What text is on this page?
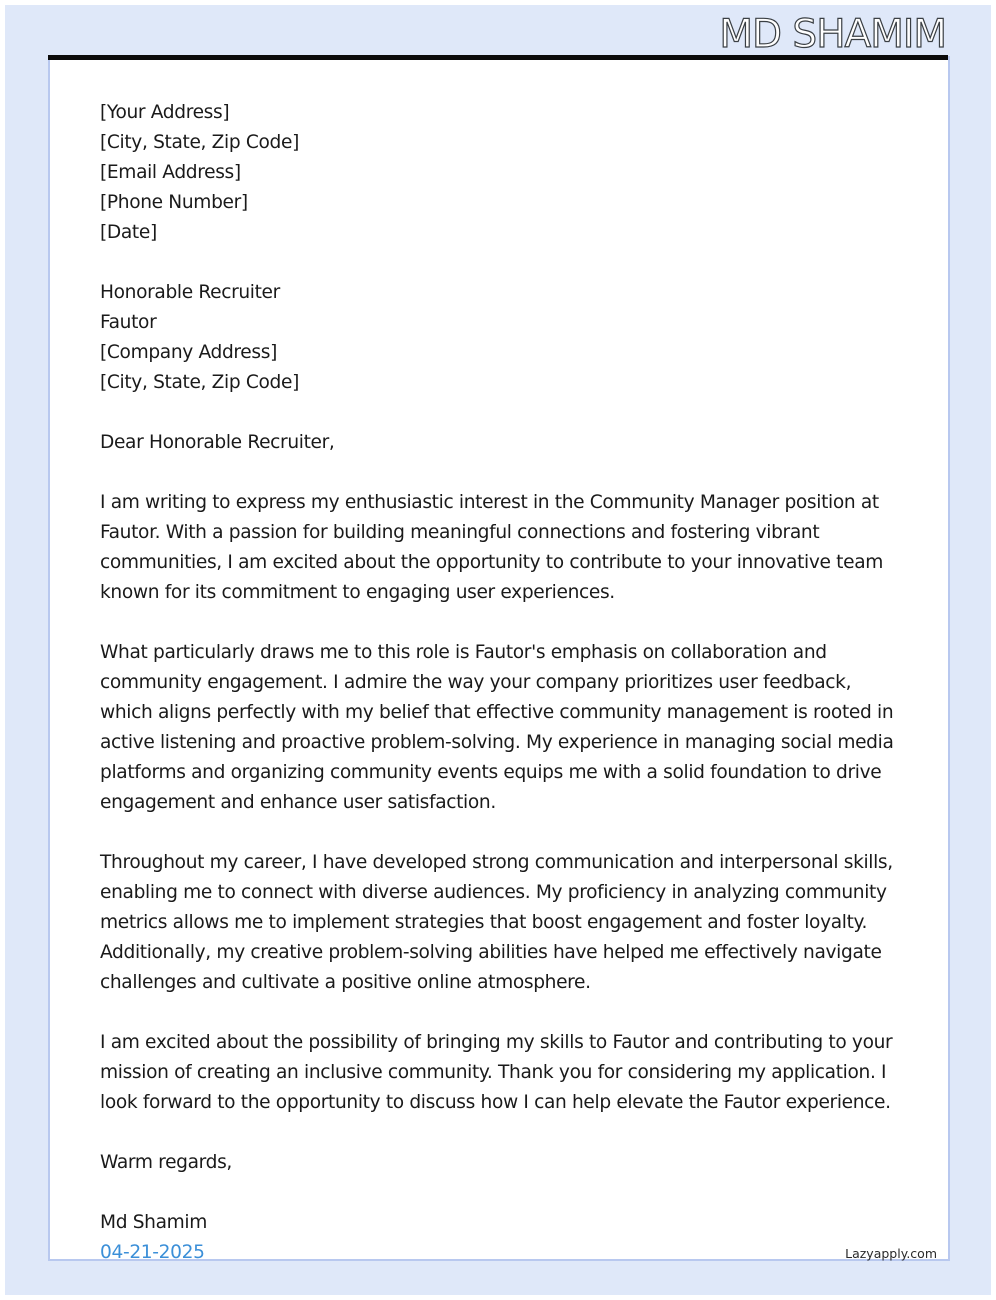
MD SHAMIM
[Your Address]
[City, State, Zip Code]
[Email Address]
[Phone Number]
[Date]
Honorable Recruiter
Fautor
[Company Address]
[City, State, Zip Code]

Dear Honorable Recruiter,

I am writing to express my enthusiastic interest in the Community Manager position at Fautor. With a passion for building meaningful connections and fostering vibrant communities, I am excited about the opportunity to contribute to your innovative team known for its commitment to engaging user experiences.

What particularly draws me to this role is Fautor's emphasis on collaboration and community engagement. I admire the way your company prioritizes user feedback, which aligns perfectly with my belief that effective community management is rooted in active listening and proactive problem-solving. My experience in managing social media platforms and organizing community events equips me with a solid foundation to drive engagement and enhance user satisfaction.

Throughout my career, I have developed strong communication and interpersonal skills, enabling me to connect with diverse audiences. My proficiency in analyzing community metrics allows me to implement strategies that boost engagement and foster loyalty. Additionally, my creative problem-solving abilities have helped me effectively navigate challenges and cultivate a positive online atmosphere.

I am excited about the possibility of bringing my skills to Fautor and contributing to your mission of creating an inclusive community. Thank you for considering my application. I look forward to the opportunity to discuss how I can help elevate the Fautor experience.

Warm regards,

Md Shamim
04-21-2025	Lazyapply.com
